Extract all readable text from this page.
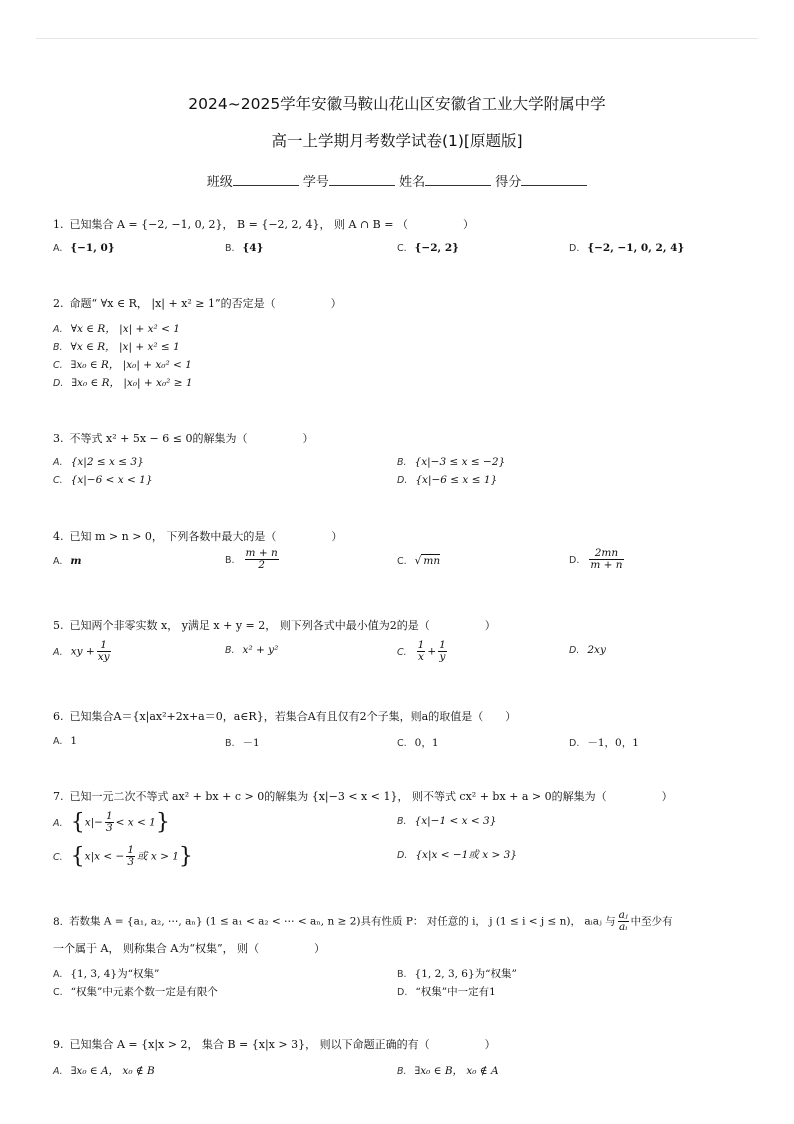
2024~2025学年安徽马鞍山花山区安徽省工业大学附属中学
高一上学期月考数学试卷(1)[原题版]
班级	学号	姓名	得分
1. 已知集合 A = {−2, −1, 0, 2}， B = {−2, 2, 4}， 则 A ∩ B = （　　　　　）
A. {−1, 0}	B. {4}	C. {−2, 2}	D. {−2, −1, 0, 2, 4}
2. 命题“ ∀x ∈ R， |x| + x² ≥ 1”的否定是（　　　　　）
A. ∀x ∈ R， |x| + x² < 1
B. ∀x ∈ R， |x| + x² ≤ 1
C. ∃x₀ ∈ R， |x₀| + x₀² < 1
D. ∃x₀ ∈ R， |x₀| + x₀² ≥ 1
3. 不等式 x² + 5x − 6 ≤ 0的解集为（　　　　　）
A. {x|2 ≤ x ≤ 3}	B. {x|−3 ≤ x ≤ −2}
C. {x|−6 < x < 1}	D. {x|−6 ≤ x ≤ 1}
4. 已知 m > n > 0， 下列各数中最大的是（　　　　　）
A. m	B. $\frac{m + n}{2}$	C. √ mn	D. $\frac{2mn}{m + n}$
5. 已知两个非零实数 x， y满足 x + y = 2， 则下列各式中最小值为2的是（　　　　　）
A. xy + $\frac{1}{xy}$	B. x² + y²	C. $\frac{1}{x} + \frac{1}{y}$	D. 2xy
6. 已知集合A＝{x|ax²+2x+a＝0，a∈R}，若集合A有且仅有2个子集，则a的取值是（　　）
A. 1	B. －1	C. 0，1	D. －1，0，1
7. 已知一元二次不等式 ax² + bx + c > 0的解集为 {x|−3 < x < 1}， 则不等式 cx² + bx + a > 0的解集为（　　　　　）
A. $\{x|- \frac{1}{3} < x < 1\}$	B. {x|−1 < x < 3}
C. {x|x < − $\frac{1}{3}$ 或 x > 1}	D. {x|x < −1或 x > 3}
8. 若数集 A = {a₁, a₂, ⋯, aₙ} (1 ≤ a₁ < a₂ < ⋯ < aₙ, n ≥ 2)具有性质 P： 对任意的 i， j (1 ≤ i < j ≤ n)， aᵢaⱼ 与 $\frac{\text{aⱼ}}{\text{aᵢ}}$ 中至少有
一个属于 A， 则称集合 A为“权集”， 则（　　　　　）
A. {1, 3, 4}为“权集”	B. {1, 2, 3, 6}为“权集”
C. “权集”中元素个数一定是有限个	D. “权集”中一定有1
9. 已知集合 A = {x|x > 2， 集合 B = {x|x > 3}， 则以下命题正确的有（　　　　　）
A. ∃x₀ ∈ A， x₀ ∉ B	B. ∃x₀ ∈ B， x₀ ∉ A
